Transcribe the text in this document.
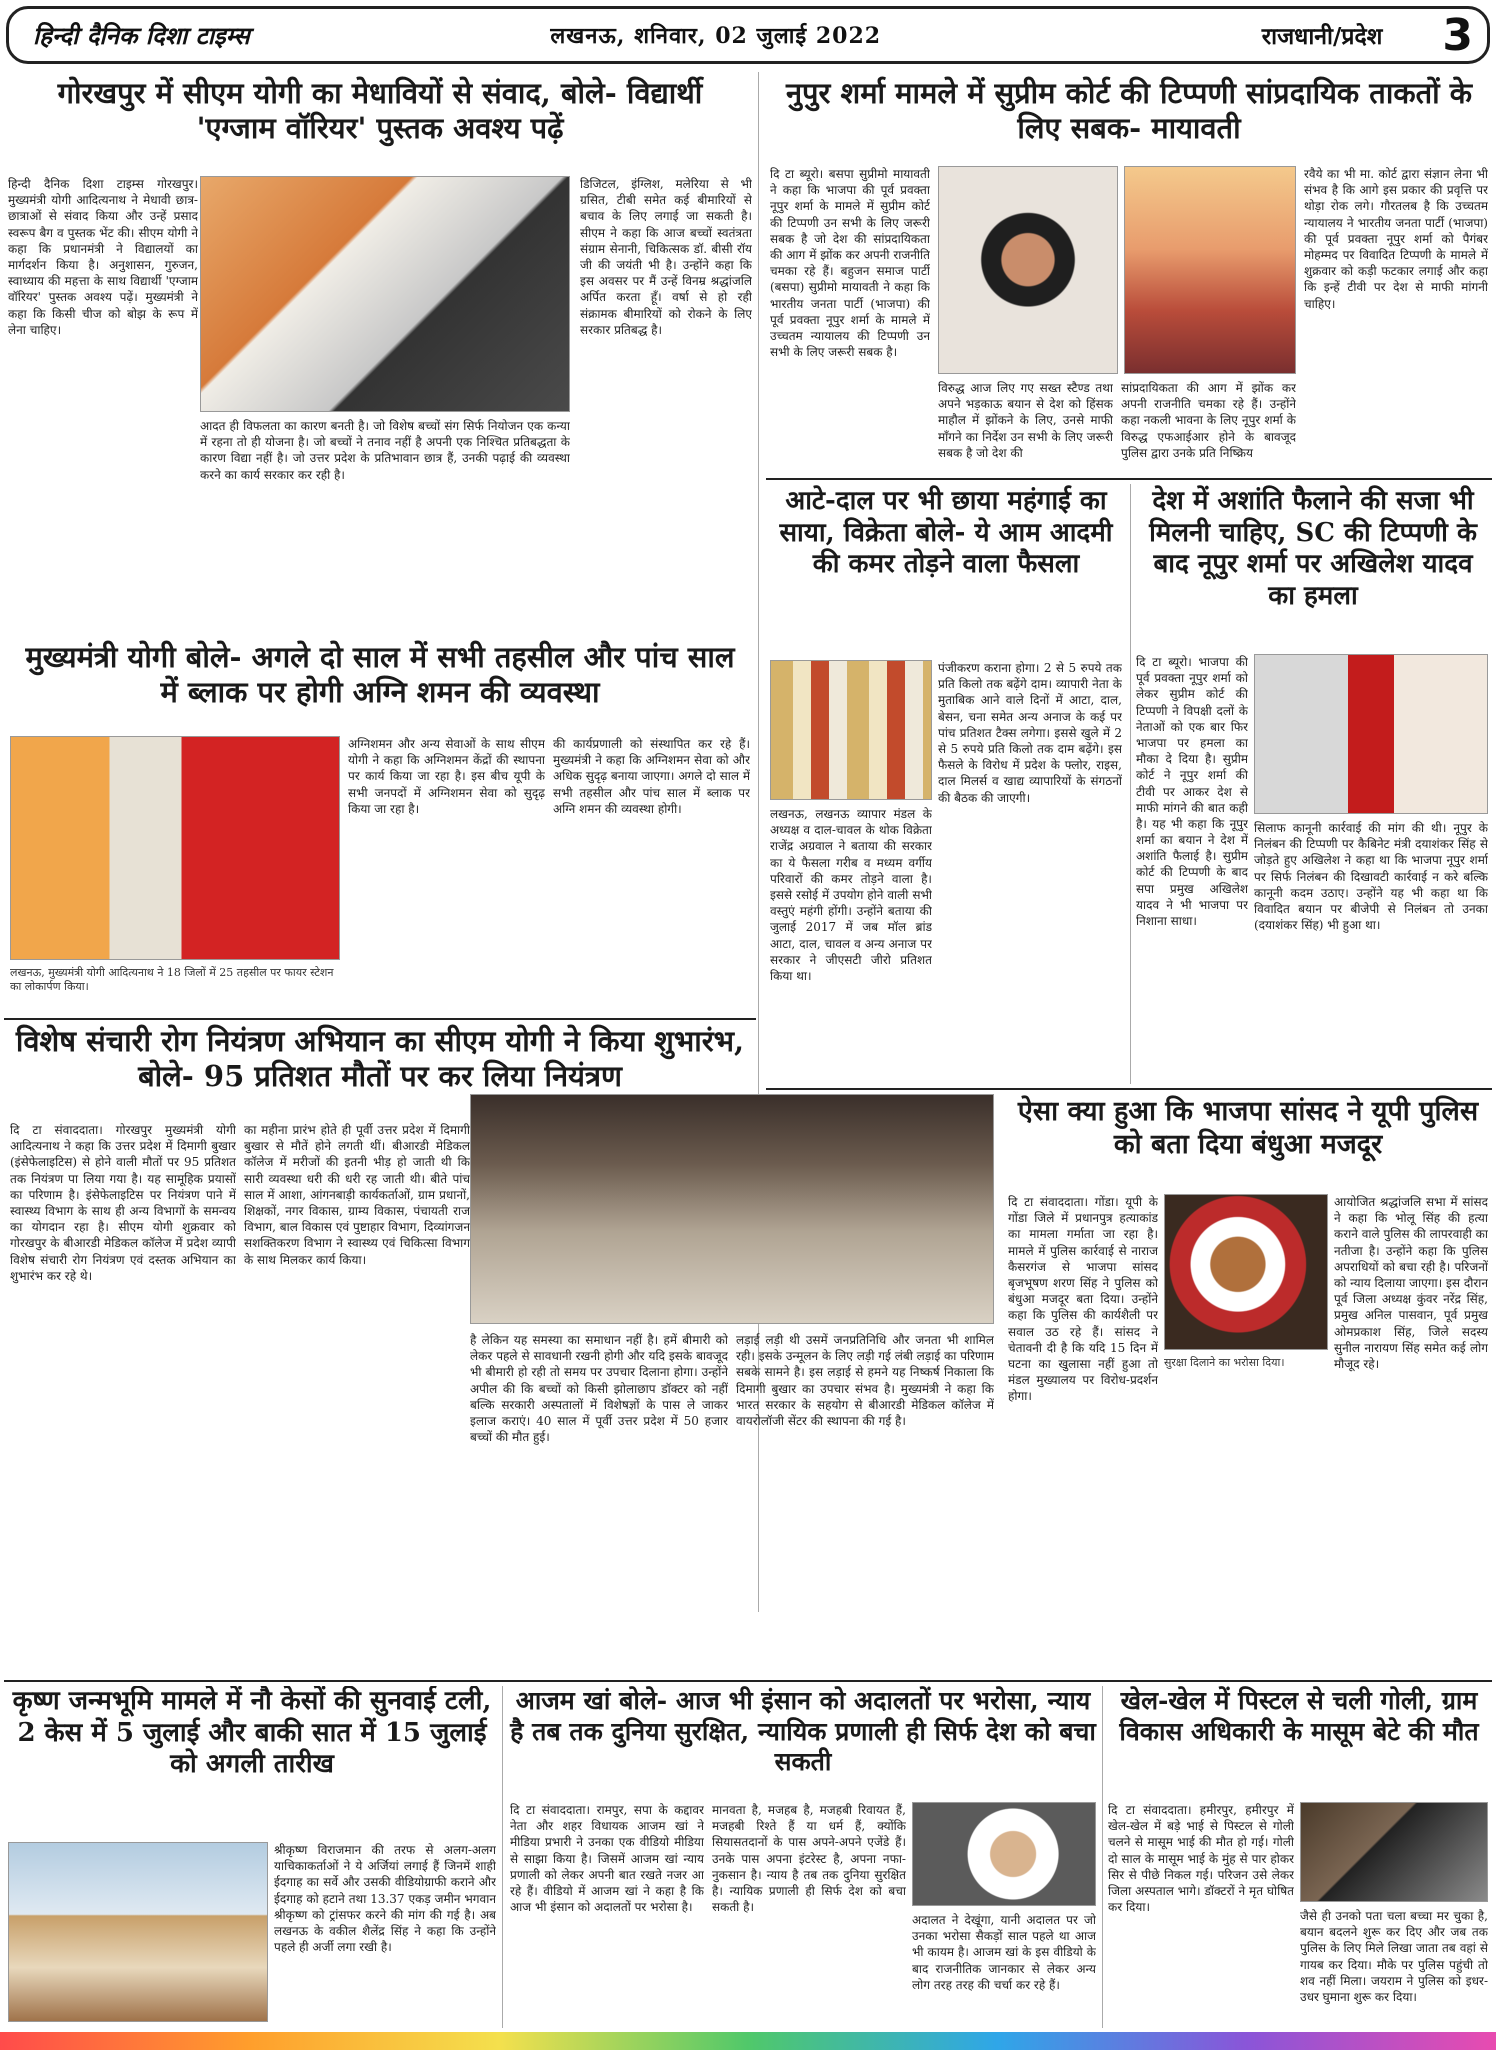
हिन्दी दैनिक दिशा टाइम्स	लखनऊ, शनिवार, 02 जुलाई 2022	राजधानी/प्रदेश 3
गोरखपुर में सीएम योगी का मेधावियों से संवाद, बोले- विद्यार्थी 'एग्जाम वॉरियर' पुस्तक अवश्य पढ़ें
हिन्दी दैनिक दिशा टाइम्स गोरखपुर। मुख्यमंत्री योगी आदित्यनाथ ने मेधावी छात्र-छात्राओं से संवाद किया और उन्हें प्रसाद स्वरूप बैग व पुस्तक भेंट की। सीएम योगी ने कहा कि प्रधानमंत्री ने विद्यालयों का मार्गदर्शन किया है। अनुशासन, गुरुजन, स्वाध्याय की महत्ता के साथ विद्यार्थी 'एग्जाम वॉरियर' पुस्तक अवश्य पढ़ें। मुख्यमंत्री ने कहा कि किसी चीज को बोझ के रूप में लेना चाहिए।
आदत ही विफलता का कारण बनती है। जो विशेष बच्चों संग सिर्फ नियोजन एक कन्या में रहना तो ही योजना है। जो बच्चों ने तनाव नहीं है अपनी एक निश्चित प्रतिबद्धता के कारण विद्या नहीं है। जो उत्तर प्रदेश के प्रतिभावान छात्र हैं, उनकी पढ़ाई की व्यवस्था करने का कार्य सरकार कर रही है।
डिजिटल, इंग्लिश, मलेरिया से भी ग्रसित, टीबी समेत कई बीमारियों से बचाव के लिए लगाई जा सकती है। सीएम ने कहा कि आज बच्चों स्वतंत्रता संग्राम सेनानी, चिकित्सक डॉ. बीसी रॉय जी की जयंती भी है। उन्होंने कहा कि इस अवसर पर मैं उन्हें विनम्र श्रद्धांजलि अर्पित करता हूँ। वर्षा से हो रही संक्रामक बीमारियों को रोकने के लिए सरकार प्रतिबद्ध है।
नुपुर शर्मा मामले में सुप्रीम कोर्ट की टिप्पणी सांप्रदायिक ताकतों के लिए सबक- मायावती
दि टा ब्यूरो। बसपा सुप्रीमो मायावती ने कहा कि भाजपा की पूर्व प्रवक्ता नूपुर शर्मा के मामले में सुप्रीम कोर्ट की टिप्पणी उन सभी के लिए जरूरी सबक है जो देश की सांप्रदायिकता की आग में झोंक कर अपनी राजनीति चमका रहे हैं। बहुजन समाज पार्टी (बसपा) सुप्रीमो मायावती ने कहा कि भारतीय जनता पार्टी (भाजपा) की पूर्व प्रवक्ता नूपुर शर्मा के मामले में उच्चतम न्यायालय की टिप्पणी उन सभी के लिए जरूरी सबक है।
विरुद्ध आज लिए गए सख्त स्टैण्ड तथा अपने भड़काऊ बयान से देश को हिंसक माहौल में झोंकने के लिए, उनसे माफी माँगने का निर्देश उन सभी के लिए जरूरी सबक है जो देश की
सांप्रदायिकता की आग में झोंक कर अपनी राजनीति चमका रहे हैं। उन्होंने कहा नकली भावना के लिए नूपुर शर्मा के विरुद्ध एफआईआर होने के बावजूद पुलिस द्वारा उनके प्रति निष्क्रिय
रवैये का भी मा. कोर्ट द्वारा संज्ञान लेना भी संभव है कि आगे इस प्रकार की प्रवृत्ति पर थोड़ा रोक लगे। गौरतलब है कि उच्चतम न्यायालय ने भारतीय जनता पार्टी (भाजपा) की पूर्व प्रवक्ता नूपुर शर्मा को पैगंबर मोहम्मद पर विवादित टिप्पणी के मामले में शुक्रवार को कड़ी फटकार लगाई और कहा कि इन्हें टीवी पर देश से माफी मांगनी चाहिए।
मुख्यमंत्री योगी बोले- अगले दो साल में सभी तहसील और पांच साल में ब्लाक पर होगी अग्नि शमन की व्यवस्था
लखनऊ, मुख्यमंत्री योगी आदित्यनाथ ने 18 जिलों में 25 तहसील पर फायर स्टेशन का लोकार्पण किया।
अग्निशमन और अन्य सेवाओं के साथ सीएम योगी ने कहा कि अग्निशमन केंद्रों की स्थापना पर कार्य किया जा रहा है। इस बीच यूपी के सभी जनपदों में अग्निशमन सेवा को सुदृढ़ किया जा रहा है।
की कार्यप्रणाली को संस्थापित कर रहे हैं। मुख्यमंत्री ने कहा कि अग्निशमन सेवा को और अधिक सुदृढ़ बनाया जाएगा। अगले दो साल में सभी तहसील और पांच साल में ब्लाक पर अग्नि शमन की व्यवस्था होगी।
आटे-दाल पर भी छाया महंगाई का साया, विक्रेता बोले- ये आम आदमी की कमर तोड़ने वाला फैसला
लखनऊ, लखनऊ व्यापार मंडल के अध्यक्ष व दाल-चावल के थोक विक्रेता राजेंद्र अग्रवाल ने बताया की सरकार का ये फैसला गरीब व मध्यम वर्गीय परिवारों की कमर तोड़ने वाला है। इससे रसोई में उपयोग होने वाली सभी वस्तुएं महंगी होंगी। उन्होंने बताया की जुलाई 2017 में जब मॉल ब्रांड आटा, दाल, चावल व अन्य अनाज पर सरकार ने जीएसटी जीरो प्रतिशत किया था।
पंजीकरण कराना होगा। 2 से 5 रुपये तक प्रति किलो तक बढ़ेंगे दाम। व्यापारी नेता के मुताबिक आने वाले दिनों में आटा, दाल, बेसन, चना समेत अन्य अनाज के कई पर पांच प्रतिशत टैक्स लगेगा। इससे खुले में 2 से 5 रुपये प्रति किलो तक दाम बढ़ेंगे। इस फैसले के विरोध में प्रदेश के फ्लोर, राइस, दाल मिलर्स व खाद्य व्यापारियों के संगठनों की बैठक की जाएगी।
देश में अशांति फैलाने की सजा भी मिलनी चाहिए, SC की टिप्पणी के बाद नूपुर शर्मा पर अखिलेश यादव का हमला
दि टा ब्यूरो। भाजपा की पूर्व प्रवक्ता नूपुर शर्मा को लेकर सुप्रीम कोर्ट की टिप्पणी ने विपक्षी दलों के नेताओं को एक बार फिर भाजपा पर हमला का मौका दे दिया है। सुप्रीम कोर्ट ने नूपुर शर्मा की टीवी पर आकर देश से माफी मांगने की बात कही है। यह भी कहा कि नूपुर शर्मा का बयान ने देश में अशांति फैलाई है। सुप्रीम कोर्ट की टिप्पणी के बाद सपा प्रमुख अखिलेश यादव ने भी भाजपा पर निशाना साधा।
सिलाफ कानूनी कार्रवाई की मांग की थी। नूपुर के निलंबन की टिप्पणी पर कैबिनेट मंत्री दयाशंकर सिंह से जोड़ते हुए अखिलेश ने कहा था कि भाजपा नूपुर शर्मा पर सिर्फ निलंबन की दिखावटी कार्रवाई न करे बल्कि कानूनी कदम उठाए। उन्होंने यह भी कहा था कि विवादित बयान पर बीजेपी से निलंबन तो उनका (दयाशंकर सिंह) भी हुआ था।
विशेष संचारी रोग नियंत्रण अभियान का सीएम योगी ने किया शुभारंभ, बोले- 95 प्रतिशत मौतों पर कर लिया नियंत्रण
दि टा संवाददाता। गोरखपुर मुख्यमंत्री योगी आदित्यनाथ ने कहा कि उत्तर प्रदेश में दिमागी बुखार (इंसेफेलाइटिस) से होने वाली मौतों पर 95 प्रतिशत तक नियंत्रण पा लिया गया है। यह सामूहिक प्रयासों का परिणाम है। इंसेफेलाइटिस पर नियंत्रण पाने में स्वास्थ्य विभाग के साथ ही अन्य विभागों के समन्वय का योगदान रहा है। सीएम योगी शुक्रवार को गोरखपुर के बीआरडी मेडिकल कॉलेज में प्रदेश व्यापी विशेष संचारी रोग नियंत्रण एवं दस्तक अभियान का शुभारंभ कर रहे थे।
का महीना प्रारंभ होते ही पूर्वी उत्तर प्रदेश में दिमागी बुखार से मौतें होने लगती थीं। बीआरडी मेडिकल कॉलेज में मरीजों की इतनी भीड़ हो जाती थी कि सारी व्यवस्था धरी की धरी रह जाती थी। बीते पांच साल में आशा, आंगनबाड़ी कार्यकर्ताओं, ग्राम प्रधानों, शिक्षकों, नगर विकास, ग्राम्य विकास, पंचायती राज विभाग, बाल विकास एवं पुष्टाहार विभाग, दिव्यांगजन सशक्तिकरण विभाग ने स्वास्थ्य एवं चिकित्सा विभाग के साथ मिलकर कार्य किया।
है लेकिन यह समस्या का समाधान नहीं है। हमें बीमारी को लेकर पहले से सावधानी रखनी होगी और यदि इसके बावजूद भी बीमारी हो रही तो समय पर उपचार दिलाना होगा। उन्होंने अपील की कि बच्चों को किसी झोलाछाप डॉक्टर को नहीं बल्कि सरकारी अस्पतालों में विशेषज्ञों के पास ले जाकर इलाज कराएं। 40 साल में पूर्वी उत्तर प्रदेश में 50 हजार बच्चों की मौत हुई।
लड़ाई लड़ी थी उसमें जनप्रतिनिधि और जनता भी शामिल रही। इसके उन्मूलन के लिए लड़ी गई लंबी लड़ाई का परिणाम सबके सामने है। इस लड़ाई से हमने यह निष्कर्ष निकाला कि दिमागी बुखार का उपचार संभव है। मुख्यमंत्री ने कहा कि भारत सरकार के सहयोग से बीआरडी मेडिकल कॉलेज में वायरोलॉजी सेंटर की स्थापना की गई है।
ऐसा क्या हुआ कि भाजपा सांसद ने यूपी पुलिस को बता दिया बंधुआ मजदूर
दि टा संवाददाता। गोंडा। यूपी के गोंडा जिले में प्रधानपुत्र हत्याकांड का मामला गर्माता जा रहा है। मामले में पुलिस कार्रवाई से नाराज कैसरगंज से भाजपा सांसद बृजभूषण शरण सिंह ने पुलिस को बंधुआ मजदूर बता दिया। उन्होंने कहा कि पुलिस की कार्यशैली पर सवाल उठ रहे हैं। सांसद ने चेतावनी दी है कि यदि 15 दिन में घटना का खुलासा नहीं हुआ तो मंडल मुख्यालय पर विरोध-प्रदर्शन होगा।
सुरक्षा दिलाने का भरोसा दिया।
आयोजित श्रद्धांजलि सभा में सांसद ने कहा कि भोलू सिंह की हत्या कराने वाले पुलिस की लापरवाही का नतीजा है। उन्होंने कहा कि पुलिस अपराधियों को बचा रही है। परिजनों को न्याय दिलाया जाएगा। इस दौरान पूर्व जिला अध्यक्ष कुंवर नरेंद्र सिंह, प्रमुख अनिल पासवान, पूर्व प्रमुख ओमप्रकाश सिंह, जिले सदस्य सुनील नारायण सिंह समेत कई लोग मौजूद रहे।
कृष्ण जन्मभूमि मामले में नौ केसों की सुनवाई टली, 2 केस में 5 जुलाई और बाकी सात में 15 जुलाई को अगली तारीख
श्रीकृष्ण विराजमान की तरफ से अलग-अलग याचिकाकर्ताओं ने ये अर्जियां लगाई हैं जिनमें शाही ईदगाह का सर्वे और उसकी वीडियोग्राफी कराने और ईदगाह को हटाने तथा 13.37 एकड़ जमीन भगवान श्रीकृष्ण को ट्रांसफर करने की मांग की गई है। अब लखनऊ के वकील शैलेंद्र सिंह ने कहा कि उन्होंने पहले ही अर्जी लगा रखी है।
आजम खां बोले- आज भी इंसान को अदालतों पर भरोसा, न्याय है तब तक दुनिया सुरक्षित, न्यायिक प्रणाली ही सिर्फ देश को बचा सकती
दि टा संवाददाता। रामपुर, सपा के कद्दावर नेता और शहर विधायक आजम खां ने मीडिया प्रभारी ने उनका एक वीडियो मीडिया से साझा किया है। जिसमें आजम खां न्याय प्रणाली को लेकर अपनी बात रखते नजर आ रहे हैं। वीडियो में आजम खां ने कहा है कि आज भी इंसान को अदालतों पर भरोसा है।
मानवता है, मजहब है, मजहबी रिवायत हैं, मजहबी रिश्ते हैं या धर्म हैं, क्योंकि सियासतदानों के पास अपने-अपने एजेंडे हैं। उनके पास अपना इंटरेस्ट है, अपना नफा-नुकसान है। न्याय है तब तक दुनिया सुरक्षित है। न्यायिक प्रणाली ही सिर्फ देश को बचा सकती है।
अदालत ने देखूंगा, यानी अदालत पर जो उनका भरोसा सैकड़ों साल पहले था आज भी कायम है। आजम खां के इस वीडियो के बाद राजनीतिक जानकार से लेकर अन्य लोग तरह तरह की चर्चा कर रहे हैं।
खेल-खेल में पिस्टल से चली गोली, ग्राम विकास अधिकारी के मासूम बेटे की मौत
दि टा संवाददाता। हमीरपुर, हमीरपुर में खेल-खेल में बड़े भाई से पिस्टल से गोली चलने से मासूम भाई की मौत हो गई। गोली दो साल के मासूम भाई के मुंह से पार होकर सिर से पीछे निकल गई। परिजन उसे लेकर जिला अस्पताल भागे। डॉक्टरों ने मृत घोषित कर दिया।
जैसे ही उनको पता चला बच्चा मर चुका है, बयान बदलने शुरू कर दिए और जब तक पुलिस के लिए मिले लिखा जाता तब वहां से गायब कर दिया। मौके पर पुलिस पहुंची तो शव नहीं मिला। जयराम ने पुलिस को इधर-उधर घुमाना शुरू कर दिया।
